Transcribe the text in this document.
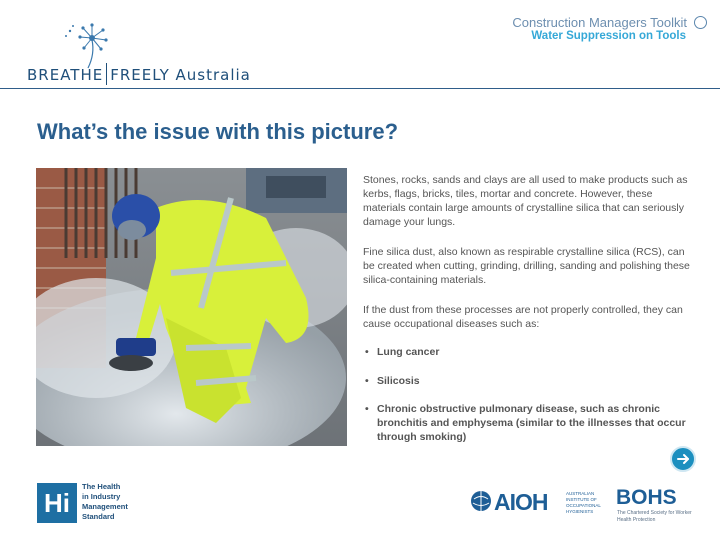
BREATHE FREELY Australia
Construction Managers Toolkit
Water Suppression on Tools
What’s the issue with this picture?
Stones, rocks, sands and clays are all used to make products such as kerbs, flags, bricks, tiles, mortar and concrete. However, these materials contain large amounts of crystalline silica that can seriously damage your lungs.
Fine silica dust, also known as respirable crystalline silica (RCS), can be created when cutting, grinding, drilling, sanding and polishing these silica-containing materials.
If the dust from these processes are not properly controlled, they can cause occupational diseases such as:
• Lung cancer
• Silicosis
• Chronic obstructive pulmonary disease, such as chronic bronchitis and emphysema (similar to the illnesses that occur through smoking)
Hi
The Health
in Industry
Management
Standard
AIOH	AUSTRALIAN INSTITUTE OF OCCUPATIONAL HYGIENISTS
BOHS
The Chartered Society for Worker Health Protection
